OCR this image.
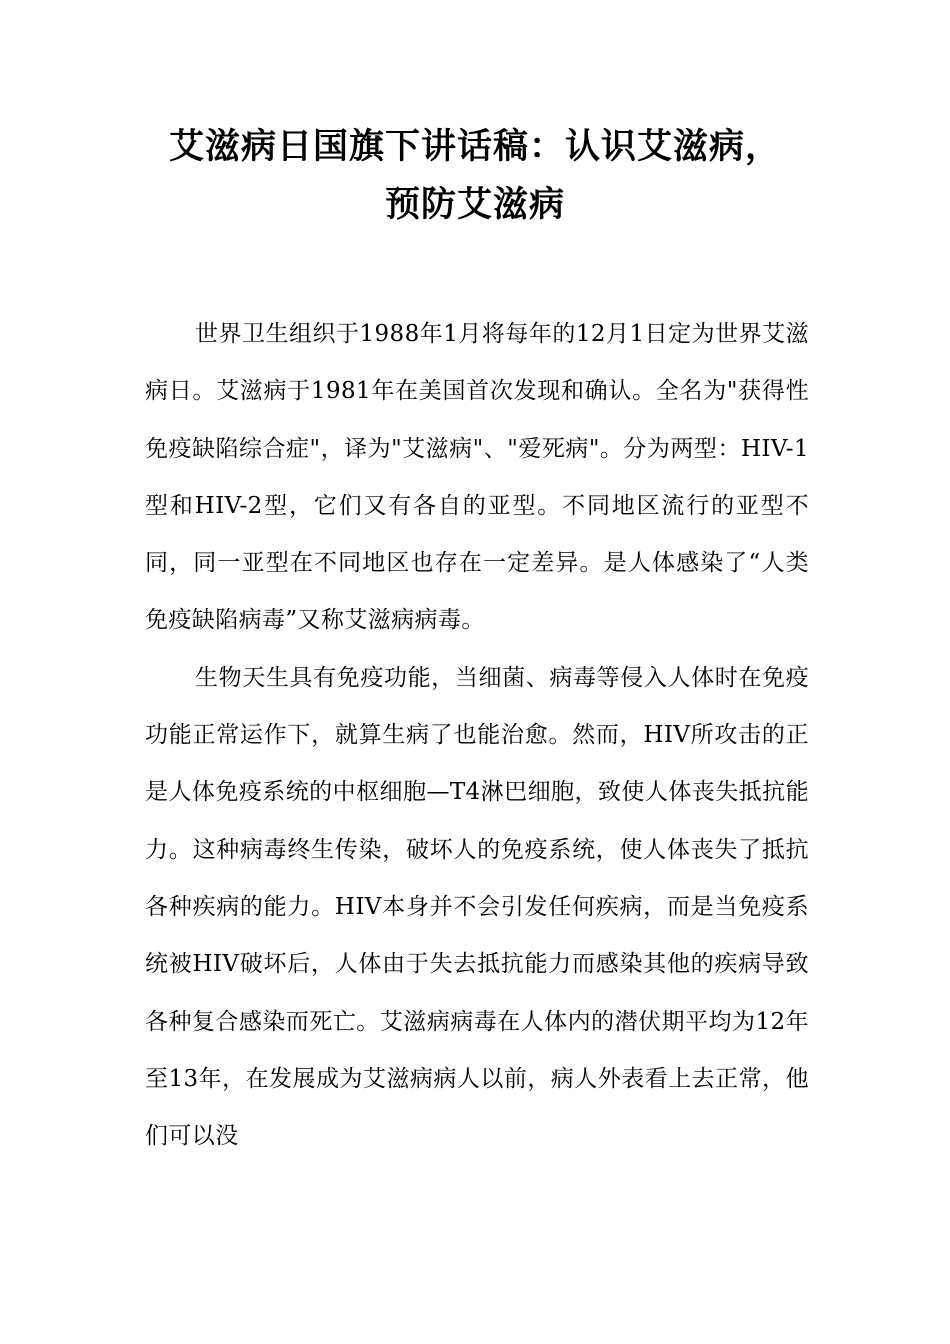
艾滋病日国旗下讲话稿：认识艾滋病，
预防艾滋病

世界卫生组织于1988年1月将每年的12月1日定为世界艾滋病日。艾滋病于1981年在美国首次发现和确认。全名为"获得性免疫缺陷综合症"，译为"艾滋病"、"爱死病"。分为两型：HIV-1型和HIV-2型，它们又有各自的亚型。不同地区流行的亚型不同，同一亚型在不同地区也存在一定差异。是人体感染了“人类免疫缺陷病毒”又称艾滋病病毒。

生物天生具有免疫功能，当细菌、病毒等侵入人体时在免疫功能正常运作下，就算生病了也能治愈。然而，HIV所攻击的正是人体免疫系统的中枢细胞—T4淋巴细胞，致使人体丧失抵抗能力。这种病毒终生传染，破坏人的免疫系统，使人体丧失了抵抗各种疾病的能力。HIV本身并不会引发任何疾病，而是当免疫系统被HIV破坏后，人体由于失去抵抗能力而感染其他的疾病导致各种复合感染而死亡。艾滋病病毒在人体内的潜伏期平均为12年至13年，在发展成为艾滋病病人以前，病人外表看上去正常，他们可以没
